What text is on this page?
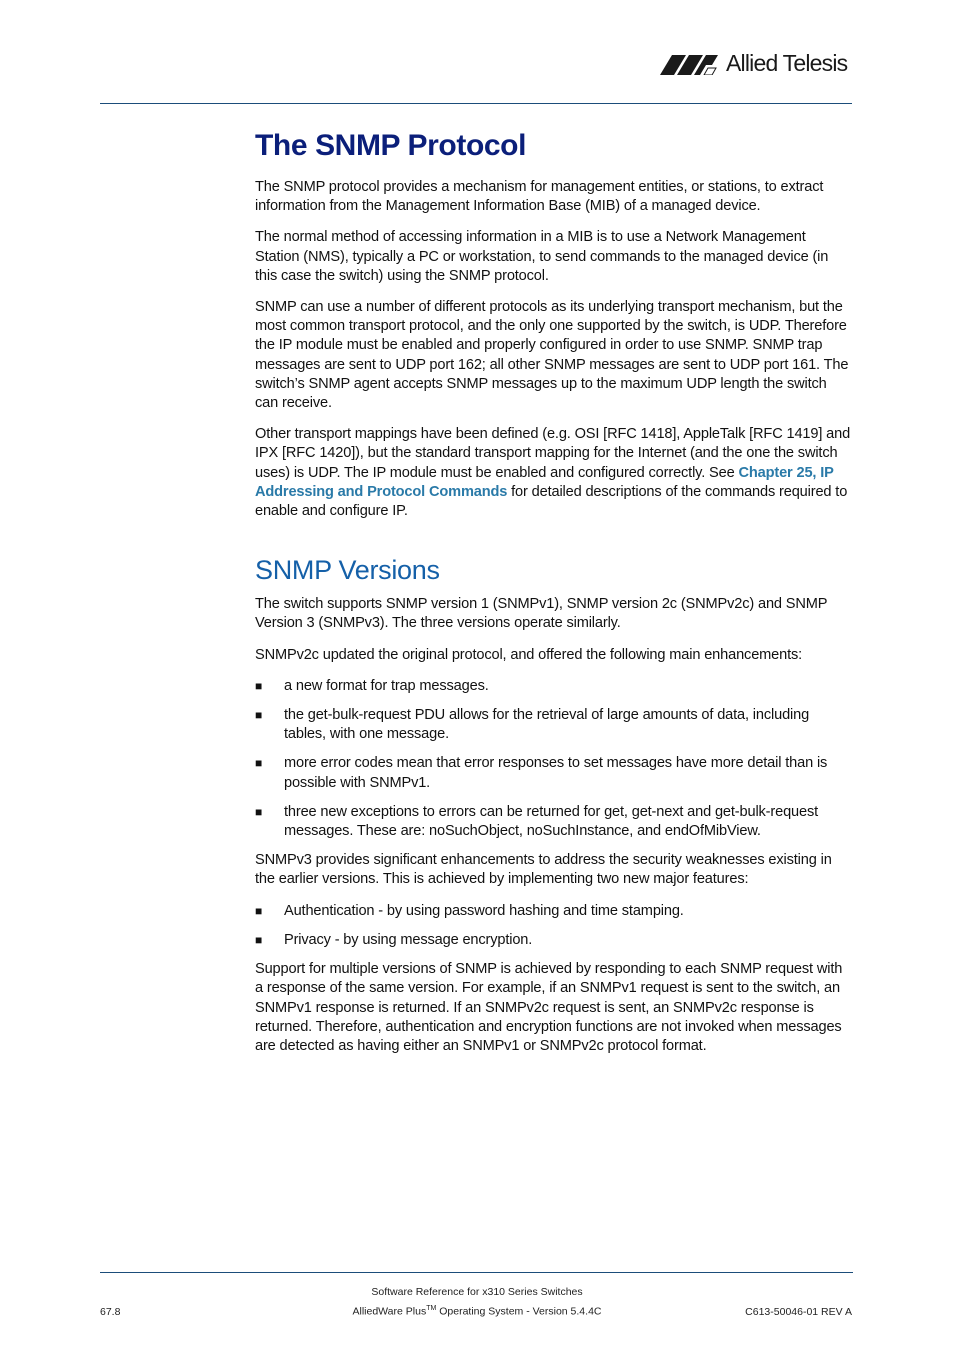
Allied Telesis
The SNMP Protocol

The SNMP protocol provides a mechanism for management entities, or stations, to extract information from the Management Information Base (MIB) of a managed device.

The normal method of accessing information in a MIB is to use a Network Management Station (NMS), typically a PC or workstation, to send commands to the managed device (in this case the switch) using the SNMP protocol.

SNMP can use a number of different protocols as its underlying transport mechanism, but the most common transport protocol, and the only one supported by the switch, is UDP. Therefore the IP module must be enabled and properly configured in order to use SNMP. SNMP trap messages are sent to UDP port 162; all other SNMP messages are sent to UDP port 161. The switch’s SNMP agent accepts SNMP messages up to the maximum UDP length the switch can receive.

Other transport mappings have been defined (e.g. OSI [RFC 1418], AppleTalk [RFC 1419] and IPX [RFC 1420]), but the standard transport mapping for the Internet (and the one the switch uses) is UDP. The IP module must be enabled and configured correctly. See Chapter 25, IP Addressing and Protocol Commands for detailed descriptions of the commands required to enable and configure IP.

SNMP Versions

The switch supports SNMP version 1 (SNMPv1), SNMP version 2c (SNMPv2c) and SNMP Version 3 (SNMPv3). The three versions operate similarly.

SNMPv2c updated the original protocol, and offered the following main enhancements:

■ a new format for trap messages.
■ the get-bulk-request PDU allows for the retrieval of large amounts of data, including tables, with one message.
■ more error codes mean that error responses to set messages have more detail than is possible with SNMPv1.
■ three new exceptions to errors can be returned for get, get-next and get-bulk-request messages. These are: noSuchObject, noSuchInstance, and endOfMibView.

SNMPv3 provides significant enhancements to address the security weaknesses existing in the earlier versions. This is achieved by implementing two new major features:

■ Authentication - by using password hashing and time stamping.
■ Privacy - by using message encryption.

Support for multiple versions of SNMP is achieved by responding to each SNMP request with a response of the same version. For example, if an SNMPv1 request is sent to the switch, an SNMPv1 response is returned. If an SNMPv2c request is sent, an SNMPv2c response is returned. Therefore, authentication and encryption functions are not invoked when messages are detected as having either an SNMPv1 or SNMPv2c protocol format.

Software Reference for x310 Series Switches
AlliedWare Plus™ Operating System - Version 5.4.4C
67.8	C613-50046-01 REV A
